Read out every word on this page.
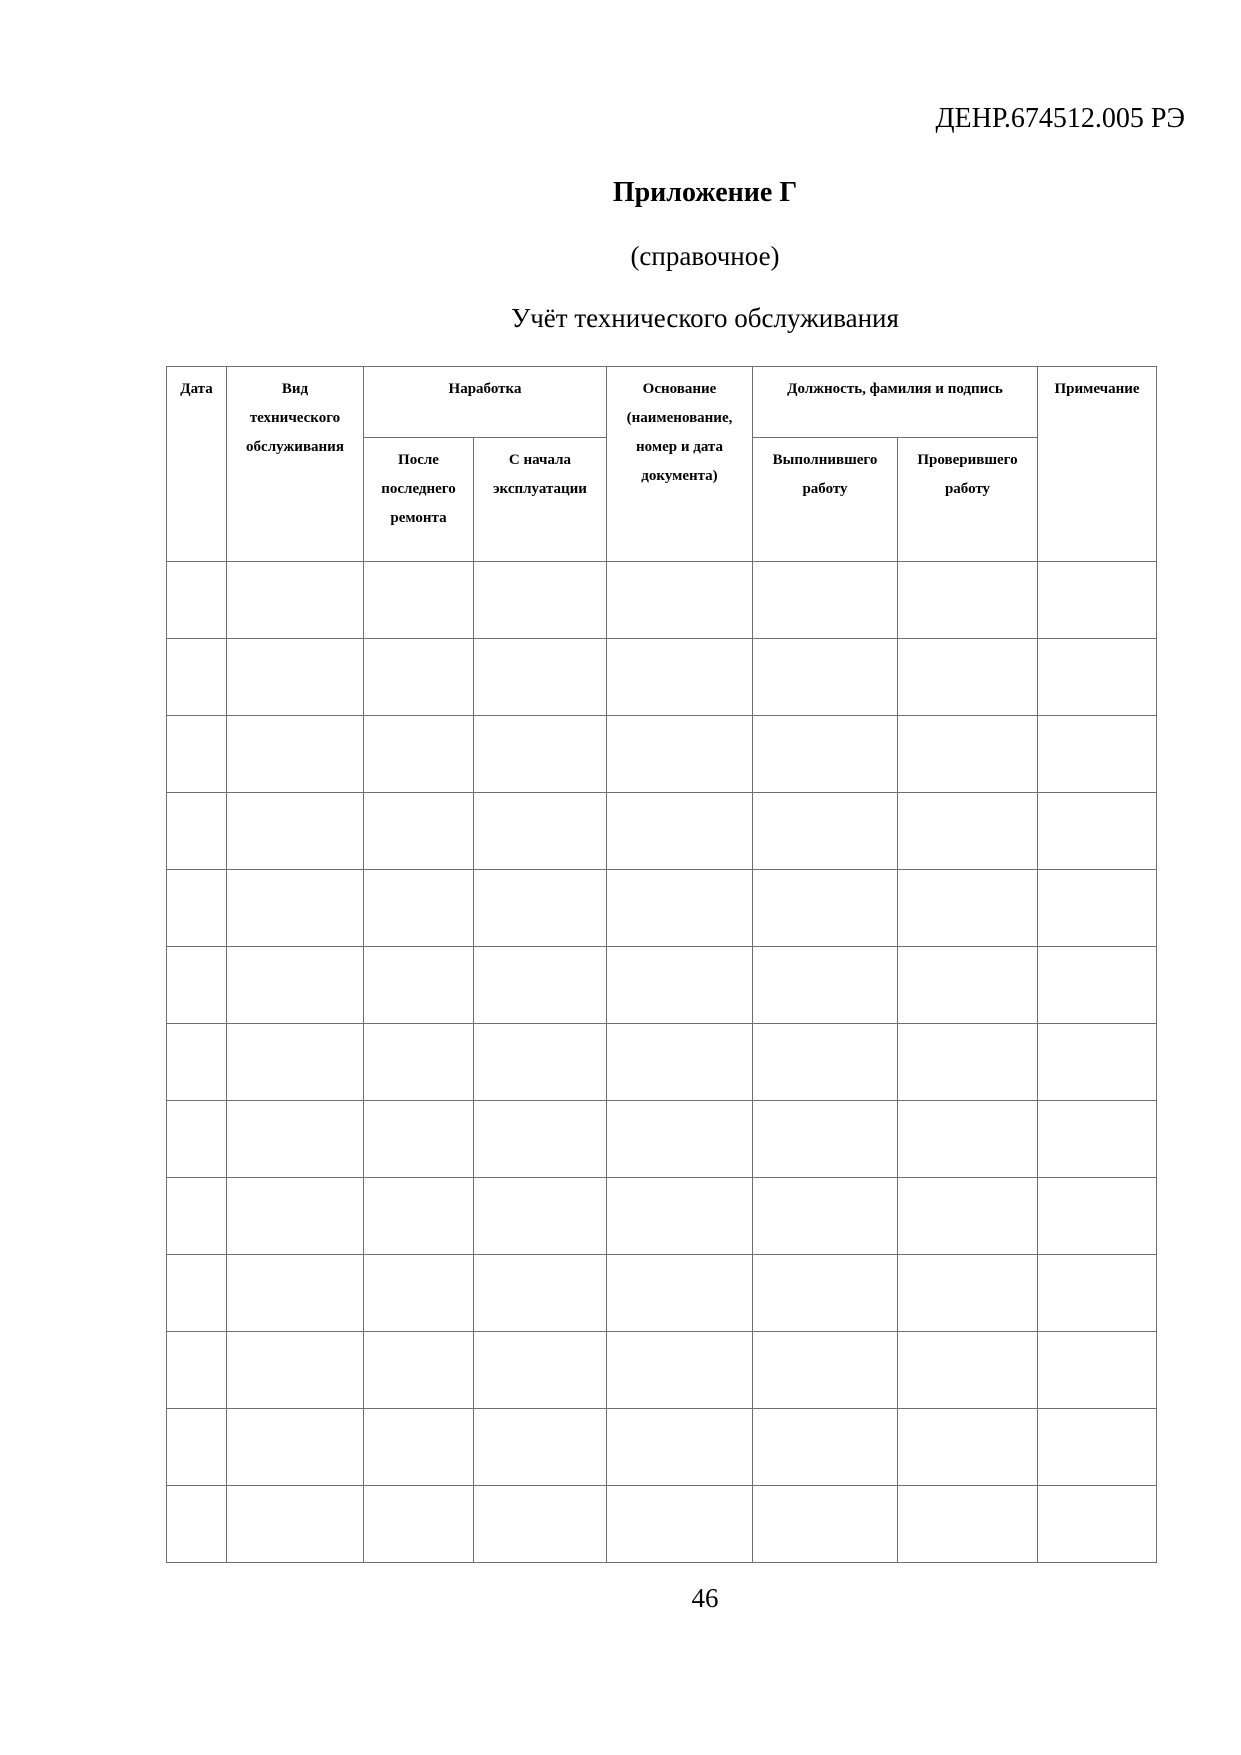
ДЕНР.674512.005 РЭ
Приложение Г
(справочное)
Учёт технического обслуживания
Дата	Вид технического обслуживания	Наработка		Основание (наименование, номер и дата документа)	Должность, фамилия и подпись		Примечание
		После последнего ремонта	С начала эксплуатации		Выполнившего работу	Проверившего работу	

46
